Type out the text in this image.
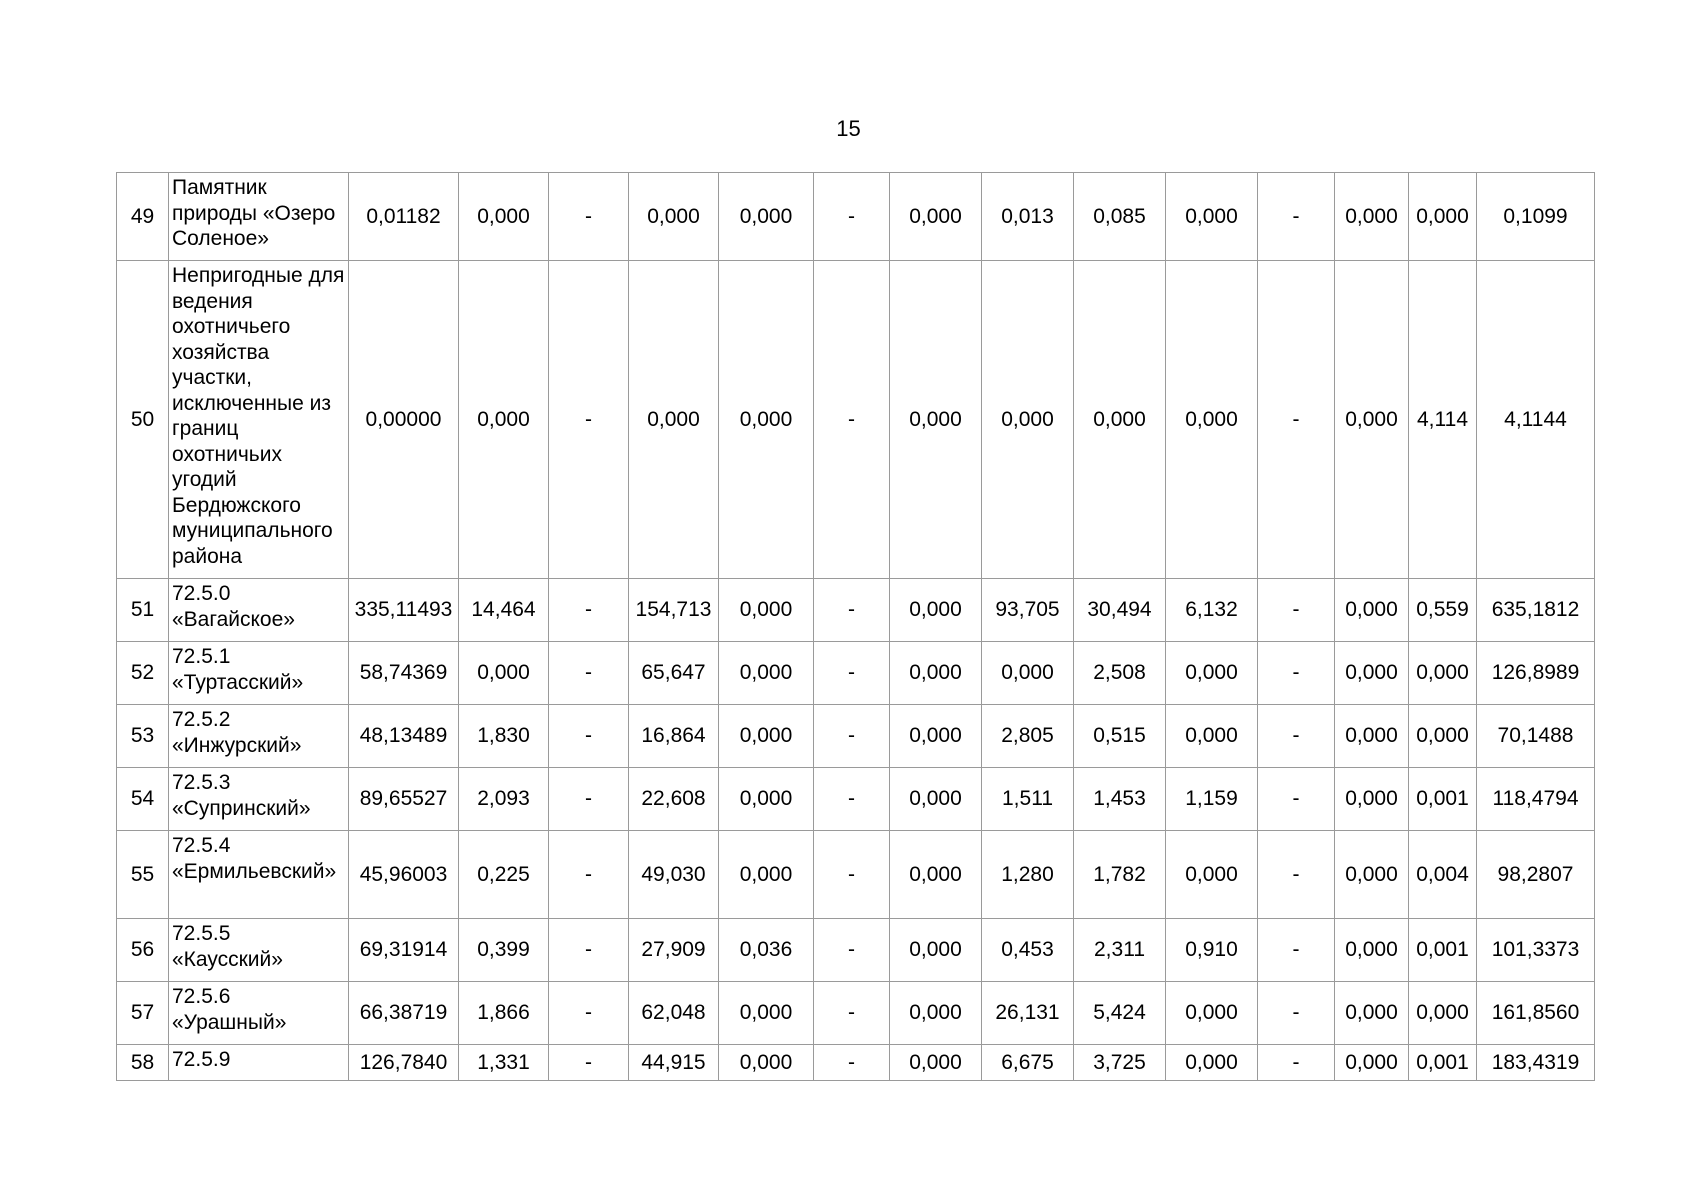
15
49	Памятник природы «Озеро Соленое»	0,01182	0,000	-	0,000	0,000	-	0,000	0,013	0,085	0,000	-	0,000	0,000	0,1099
50	Непригодные для ведения охотничьего хозяйства участки, исключенные из границ охотничьих угодий Бердюжского муниципального района	0,00000	0,000	-	0,000	0,000	-	0,000	0,000	0,000	0,000	-	0,000	4,114	4,1144
51	72.5.0 «Вагайское»	335,11493	14,464	-	154,713	0,000	-	0,000	93,705	30,494	6,132	-	0,000	0,559	635,1812
52	72.5.1 «Туртасский»	58,74369	0,000	-	65,647	0,000	-	0,000	0,000	2,508	0,000	-	0,000	0,000	126,8989
53	72.5.2 «Инжурский»	48,13489	1,830	-	16,864	0,000	-	0,000	2,805	0,515	0,000	-	0,000	0,000	70,1488
54	72.5.3 «Супринский»	89,65527	2,093	-	22,608	0,000	-	0,000	1,511	1,453	1,159	-	0,000	0,001	118,4794
55	72.5.4 «Ермильевский»	45,96003	0,225	-	49,030	0,000	-	0,000	1,280	1,782	0,000	-	0,000	0,004	98,2807
56	72.5.5 «Каусский»	69,31914	0,399	-	27,909	0,036	-	0,000	0,453	2,311	0,910	-	0,000	0,001	101,3373
57	72.5.6 «Урашный»	66,38719	1,866	-	62,048	0,000	-	0,000	26,131	5,424	0,000	-	0,000	0,000	161,8560
58	72.5.9	126,7840	1,331	-	44,915	0,000	-	0,000	6,675	3,725	0,000	-	0,000	0,001	183,4319
